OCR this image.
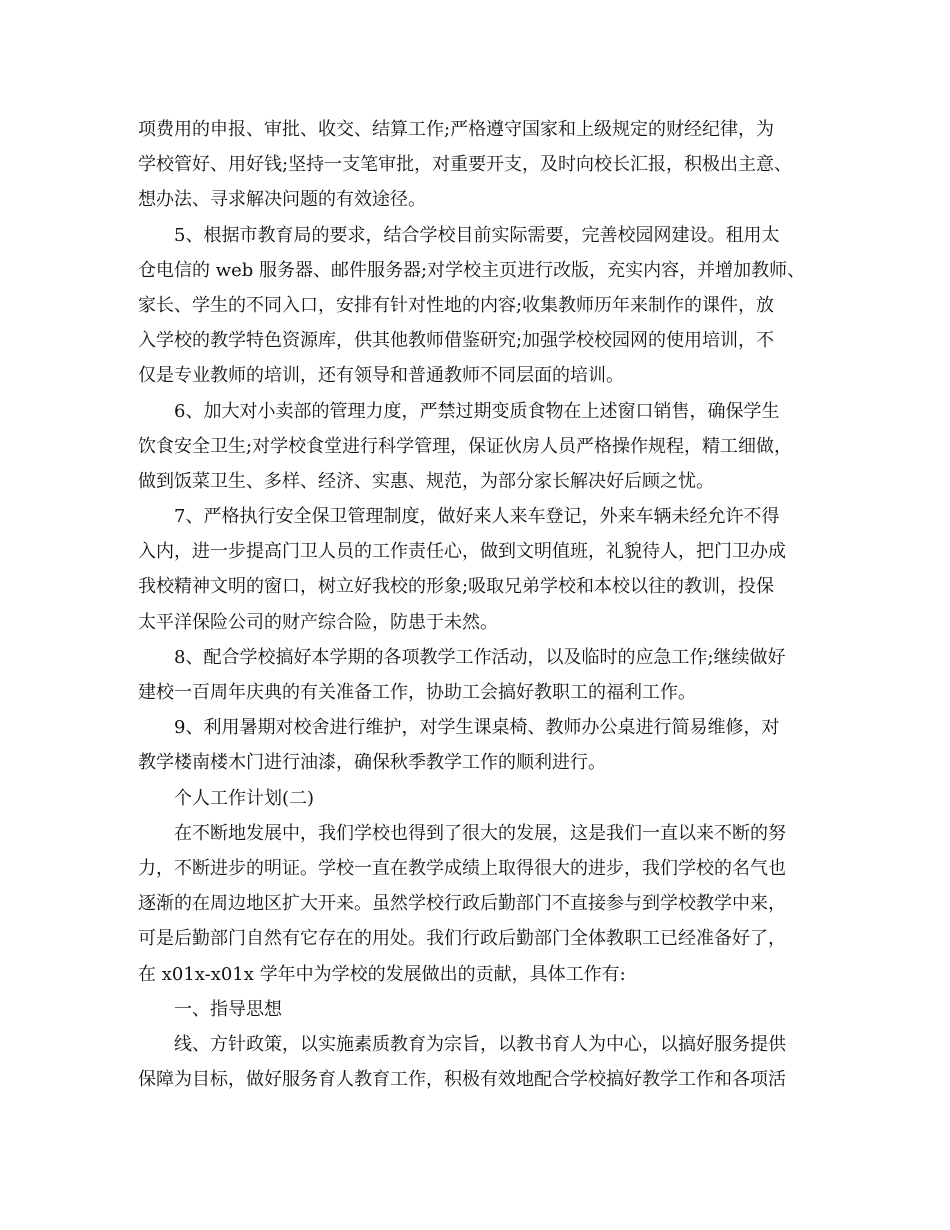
项费用的申报、审批、收交、结算工作;严格遵守国家和上级规定的财经纪律，为
学校管好、用好钱;坚持一支笔审批，对重要开支，及时向校长汇报，积极出主意、
想办法、寻求解决问题的有效途径。
5、根据市教育局的要求，结合学校目前实际需要，完善校园网建设。租用太
仓电信的 web 服务器、邮件服务器;对学校主页进行改版，充实内容，并增加教师、
家长、学生的不同入口，安排有针对性地的内容;收集教师历年来制作的课件，放
入学校的教学特色资源库，供其他教师借鉴研究;加强学校校园网的使用培训，不
仅是专业教师的培训，还有领导和普通教师不同层面的培训。
6、加大对小卖部的管理力度，严禁过期变质食物在上述窗口销售，确保学生
饮食安全卫生;对学校食堂进行科学管理，保证伙房人员严格操作规程，精工细做，
做到饭菜卫生、多样、经济、实惠、规范，为部分家长解决好后顾之忧。
7、严格执行安全保卫管理制度，做好来人来车登记，外来车辆未经允许不得
入内，进一步提高门卫人员的工作责任心，做到文明值班，礼貌待人，把门卫办成
我校精神文明的窗口，树立好我校的形象;吸取兄弟学校和本校以往的教训，投保
太平洋保险公司的财产综合险，防患于未然。
8、配合学校搞好本学期的各项教学工作活动，以及临时的应急工作;继续做好
建校一百周年庆典的有关准备工作，协助工会搞好教职工的福利工作。
9、利用暑期对校舍进行维护，对学生课桌椅、教师办公桌进行简易维修，对
教学楼南楼木门进行油漆，确保秋季教学工作的顺利进行。
个人工作计划(二)
在不断地发展中，我们学校也得到了很大的发展，这是我们一直以来不断的努
力，不断进步的明证。学校一直在教学成绩上取得很大的进步，我们学校的名气也
逐渐的在周边地区扩大开来。虽然学校行政后勤部门不直接参与到学校教学中来，
可是后勤部门自然有它存在的用处。我们行政后勤部门全体教职工已经准备好了，
在 x01x-x01x 学年中为学校的发展做出的贡献，具体工作有:
一、指导思想
线、方针政策，以实施素质教育为宗旨，以教书育人为中心，以搞好服务提供
保障为目标，做好服务育人教育工作，积极有效地配合学校搞好教学工作和各项活
